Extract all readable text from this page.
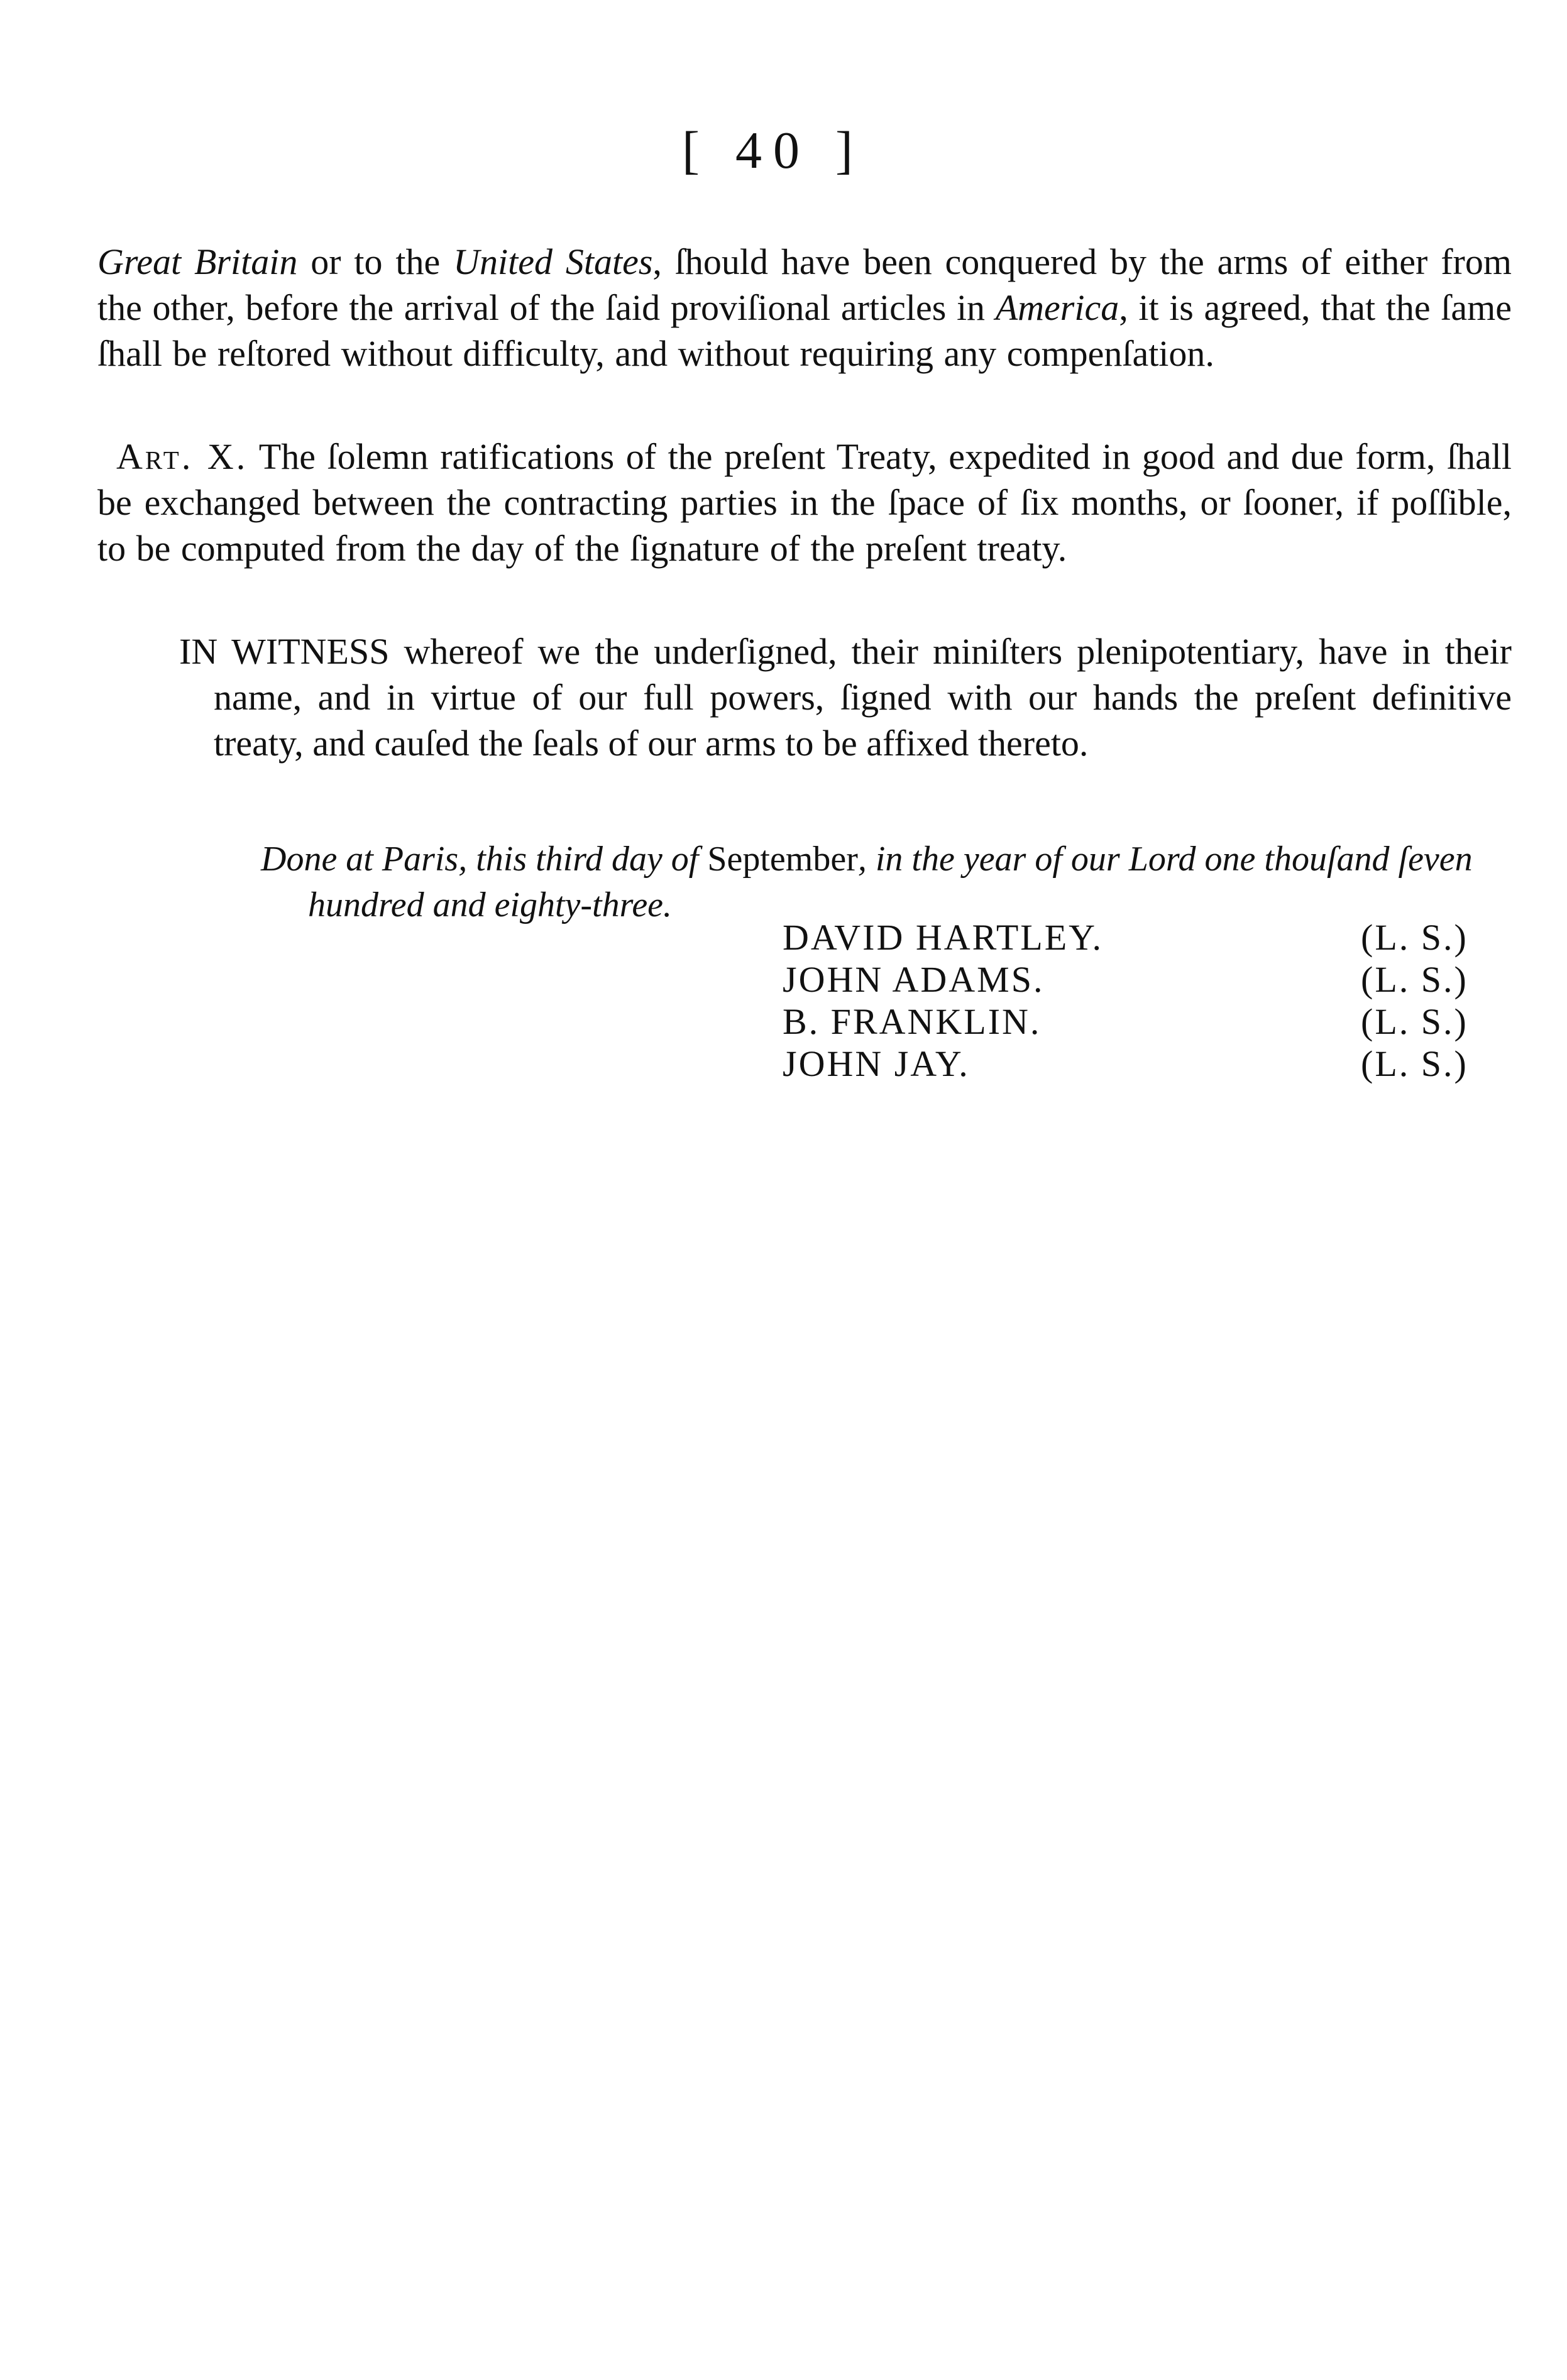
[ 40 ]

Great Britain or to the United States, ſhould have been conquered by the arms of either from the other, before the arrival of the ſaid proviſional articles in America, it is agreed, that the ſame ſhall be reſtored without difficulty, and without requiring any compenſation.

Art. X. The ſolemn ratifications of the preſent Treaty, expedited in good and due form, ſhall be exchanged between the contracting parties in the ſpace of ſix months, or ſooner, if poſſible, to be computed from the day of the ſignature of the preſent treaty.

IN WITNESS whereof we the underſigned, their miniſters plenipotentiary, have in their name, and in virtue of our full powers, ſigned with our hands the preſent definitive treaty, and cauſed the ſeals of our arms to be affixed thereto.

Done at Paris, this third day of September, in the year of our Lord one thouſand ſeven hundred and eighty-three.

DAVID HARTLEY.	(L. S.)
JOHN ADAMS.	(L. S.)
B. FRANKLIN.	(L. S.)
JOHN JAY.	(L. S.)
